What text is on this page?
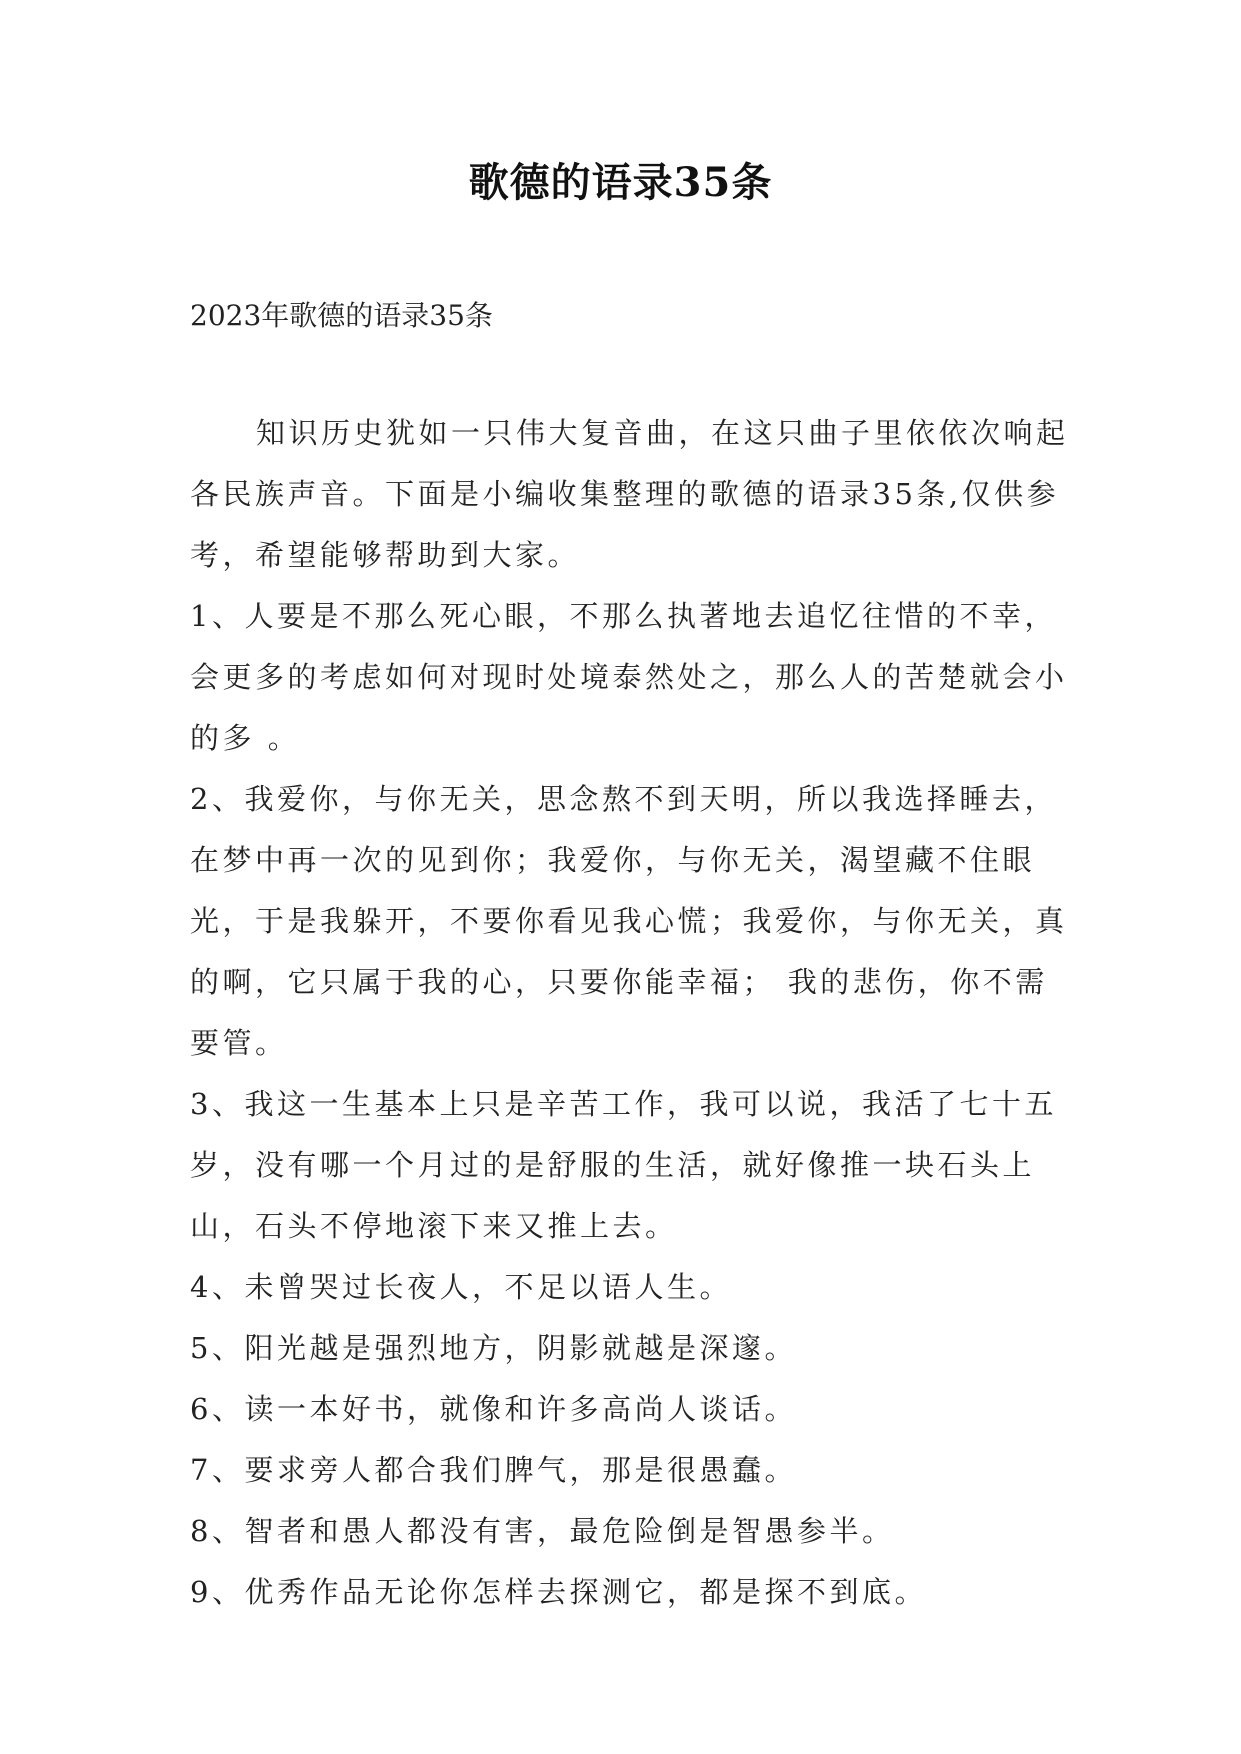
歌德的语录35条
2023年歌德的语录35条

知识历史犹如一只伟大复音曲，在这只曲子里依依次响起各民族声音。下面是小编收集整理的歌德的语录35条,仅供参考，希望能够帮助到大家。

1、人要是不那么死心眼，不那么执著地去追忆往惜的不幸，会更多的考虑如何对现时处境泰然处之，那么人的苦楚就会小的多 。

2、我爱你，与你无关，思念熬不到天明，所以我选择睡去，在梦中再一次的见到你；我爱你，与你无关，渴望藏不住眼光，于是我躲开，不要你看见我心慌；我爱你，与你无关，真的啊，它只属于我的心，只要你能幸福； 我的悲伤，你不需要管。

3、我这一生基本上只是辛苦工作，我可以说，我活了七十五岁，没有哪一个月过的是舒服的生活，就好像推一块石头上山，石头不停地滚下来又推上去。

4、未曾哭过长夜人，不足以语人生。

5、阳光越是强烈地方，阴影就越是深邃。

6、读一本好书，就像和许多高尚人谈话。

7、要求旁人都合我们脾气，那是很愚蠢。

8、智者和愚人都没有害，最危险倒是智愚参半。

9、优秀作品无论你怎样去探测它，都是探不到底。
